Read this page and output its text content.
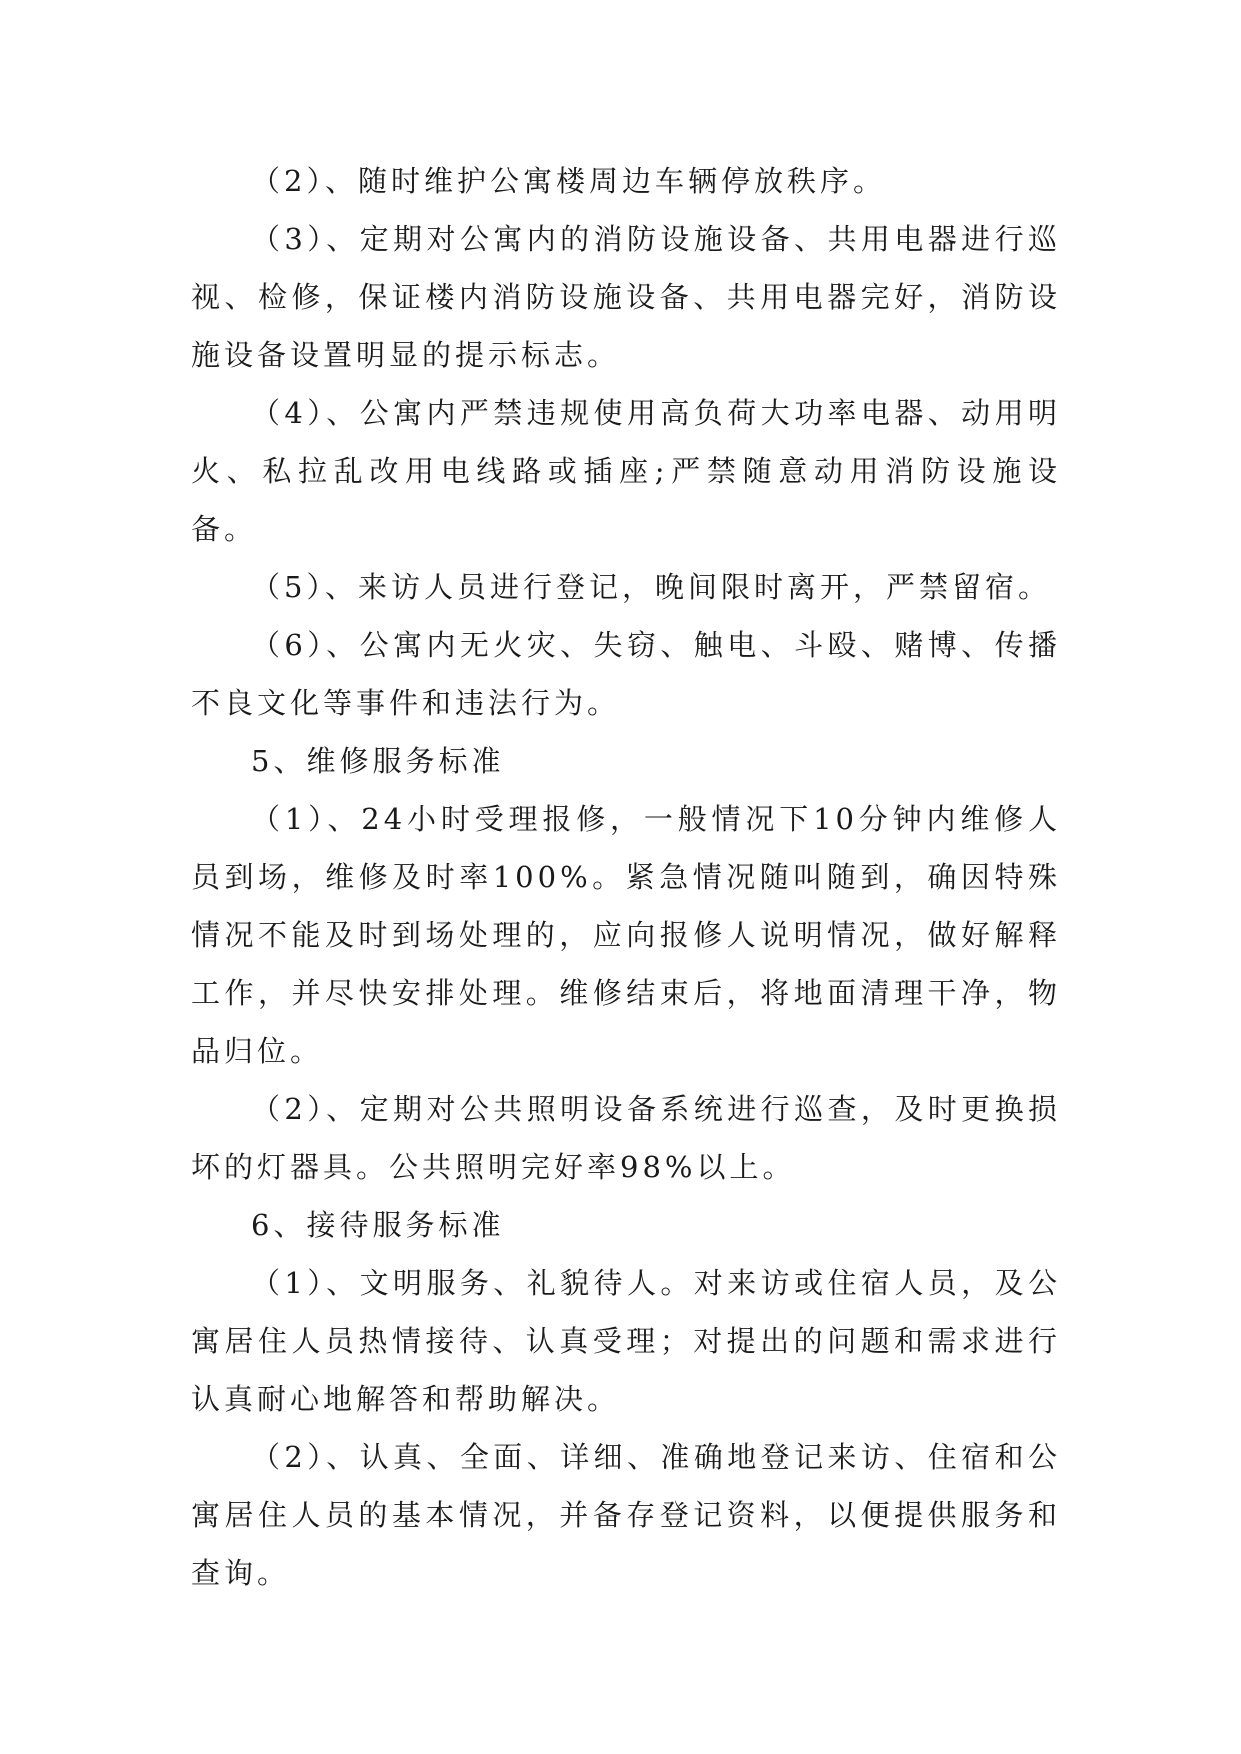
（2）、随时维护公寓楼周边车辆停放秩序。

（3）、定期对公寓内的消防设施设备、共用电器进行巡视、检修，保证楼内消防设施设备、共用电器完好，消防设施设备设置明显的提示标志。

（4）、公寓内严禁违规使用高负荷大功率电器、动用明火、私拉乱改用电线路或插座;严禁随意动用消防设施设备。

（5）、来访人员进行登记，晚间限时离开，严禁留宿。

（6）、公寓内无火灾、失窃、触电、斗殴、赌博、传播不良文化等事件和违法行为。

5、维修服务标准

（1）、24小时受理报修，一般情况下10分钟内维修人员到场，维修及时率100%。紧急情况随叫随到，确因特殊情况不能及时到场处理的，应向报修人说明情况，做好解释工作，并尽快安排处理。维修结束后，将地面清理干净，物品归位。

（2）、定期对公共照明设备系统进行巡查，及时更换损坏的灯器具。公共照明完好率98%以上。

6、接待服务标准

（1）、文明服务、礼貌待人。对来访或住宿人员，及公寓居住人员热情接待、认真受理；对提出的问题和需求进行认真耐心地解答和帮助解决。

（2）、认真、全面、详细、准确地登记来访、住宿和公寓居住人员的基本情况，并备存登记资料，以便提供服务和查询。
